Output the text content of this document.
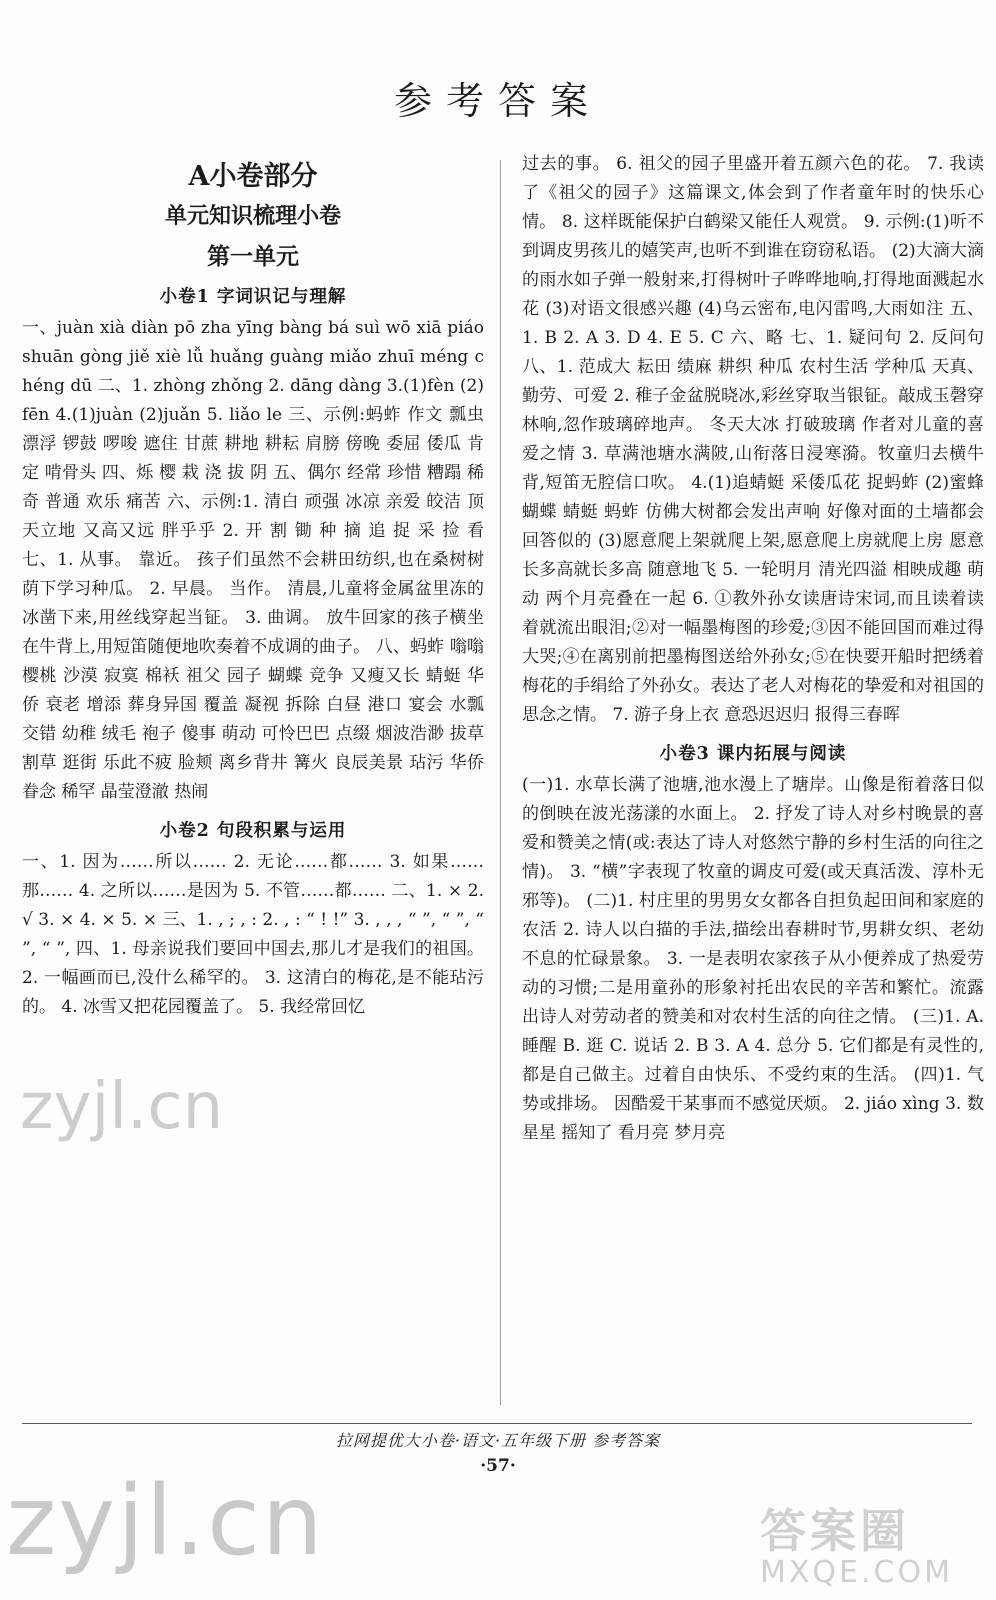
参考答案
A小卷部分
单元知识梳理小卷
第一单元
小卷1 字词识记与理解

一、juàn xià diàn pō zha yīng bàng bá suì wō xiā piáo shuān gòng jiě xiè lǚ huǎng guàng miǎo zhuī méng chéng dū 二、1. zhòng zhǒng 2. dāng dàng 3.(1)fèn (2)fēn 4.(1)juàn (2)juǎn 5. liǎo le 三、示例:蚂蚱 作文 瓢虫 漂浮 锣鼓 啰唆 遮住 甘蔗 耕地 耕耘 肩膀 傍晚 委屈 倭瓜 肯定 啃骨头 四、烁 樱 栽 浇 拔 阴 五、偶尔 经常 珍惜 糟蹋 稀奇 普通 欢乐 痛苦 六、示例:1. 清白 顽强 冰凉 亲爱 皎洁 顶天立地 又高又远 胖乎乎 2. 开 割 锄 种 摘 追 捉 采 捡 看 七、1. 从事。 靠近。 孩子们虽然不会耕田纺织,也在桑树树荫下学习种瓜。 2. 早晨。 当作。 清晨,儿童将金属盆里冻的冰凿下来,用丝线穿起当钲。 3. 曲调。 放牛回家的孩子横坐在牛背上,用短笛随便地吹奏着不成调的曲子。 八、蚂蚱 嗡嗡 樱桃 沙漠 寂寞 棉袄 祖父 园子 蝴蝶 竞争 又瘦又长 蜻蜓 华侨 衰老 增添 葬身异国 覆盖 凝视 拆除 白昼 港口 宴会 水瓢 交错 幼稚 绒毛 袍子 傻事 萌动 可怜巴巴 点缀 烟波浩渺 拔草 割草 逛街 乐此不疲 脸颊 离乡背井 篝火 良辰美景 玷污 华侨 眷念 稀罕 晶莹澄澈 热闹

小卷2 句段积累与运用

一、1. 因为……所以…… 2. 无论……都…… 3. 如果……那…… 4. 之所以……是因为 5. 不管……都…… 二、1. × 2. √ 3. × 4. × 5. × 三、1. , ; , : 2. , : “ ! !” 3. , , , “ ”, “ ”, “ ”, “ ”, 四、1. 母亲说我们要回中国去,那儿才是我们的祖国。 2. 一幅画而已,没什么稀罕的。 3. 这清白的梅花,是不能玷污的。 4. 冰雪又把花园覆盖了。 5. 我经常回忆

过去的事。 6. 祖父的园子里盛开着五颜六色的花。 7. 我读了《祖父的园子》这篇课文,体会到了作者童年时的快乐心情。 8. 这样既能保护白鹤梁又能任人观赏。 9. 示例:(1)听不到调皮男孩儿的嬉笑声,也听不到谁在窃窃私语。 (2)大滴大滴的雨水如子弹一般射来,打得树叶子哗哗地响,打得地面溅起水花 (3)对语文很感兴趣 (4)乌云密布,电闪雷鸣,大雨如注 五、1. B 2. A 3. D 4. E 5. C 六、略 七、1. 疑问句 2. 反问句 八、1. 范成大 耘田 绩麻 耕织 种瓜 农村生活 学种瓜 天真、勤劳、可爱 2. 稚子金盆脱晓冰,彩丝穿取当银钲。敲成玉磬穿林响,忽作玻璃碎地声。 冬天大冰 打破玻璃 作者对儿童的喜爱之情 3. 草满池塘水满陂,山衔落日浸寒漪。牧童归去横牛背,短笛无腔信口吹。 4.(1)追蜻蜓 采倭瓜花 捉蚂蚱 (2)蜜蜂 蝴蝶 蜻蜓 蚂蚱 仿佛大树都会发出声响 好像对面的土墙都会回答似的 (3)愿意爬上架就爬上架,愿意爬上房就爬上房 愿意长多高就长多高 随意地飞 5. 一轮明月 清光四溢 相映成趣 萌动 两个月亮叠在一起 6. ①教外孙女读唐诗宋词,而且读着读着就流出眼泪;②对一幅墨梅图的珍爱;③因不能回国而难过得大哭;④在离别前把墨梅图送给外孙女;⑤在快要开船时把绣着梅花的手绢给了外孙女。表达了老人对梅花的挚爱和对祖国的思念之情。 7. 游子身上衣 意恐迟迟归 报得三春晖

小卷3 课内拓展与阅读

(一)1. 水草长满了池塘,池水漫上了塘岸。山像是衔着落日似的倒映在波光荡漾的水面上。 2. 抒发了诗人对乡村晚景的喜爱和赞美之情(或:表达了诗人对悠然宁静的乡村生活的向往之情)。 3. “横”字表现了牧童的调皮可爱(或天真活泼、淳朴无邪等)。 (二)1. 村庄里的男男女女都各自担负起田间和家庭的农活 2. 诗人以白描的手法,描绘出春耕时节,男耕女织、老幼不息的忙碌景象。 3. 一是表明农家孩子从小便养成了热爱劳动的习惯;二是用童孙的形象衬托出农民的辛苦和繁忙。流露出诗人对劳动者的赞美和对农村生活的向往之情。 (三)1. A. 睡醒 B. 逛 C. 说话 2. B 3. A 4. 总分 5. 它们都是有灵性的,都是自己做主。过着自由快乐、不受约束的生活。 (四)1. 气势或排场。 因酷爱干某事而不感觉厌烦。 2. jiáo xìng 3. 数星星 摇知了 看月亮 梦月亮

zyjl.cn
拉网提优大小卷·语文·五年级下册 参考答案
·57·
zyjl.cn	答案圈
MXQE.COM
